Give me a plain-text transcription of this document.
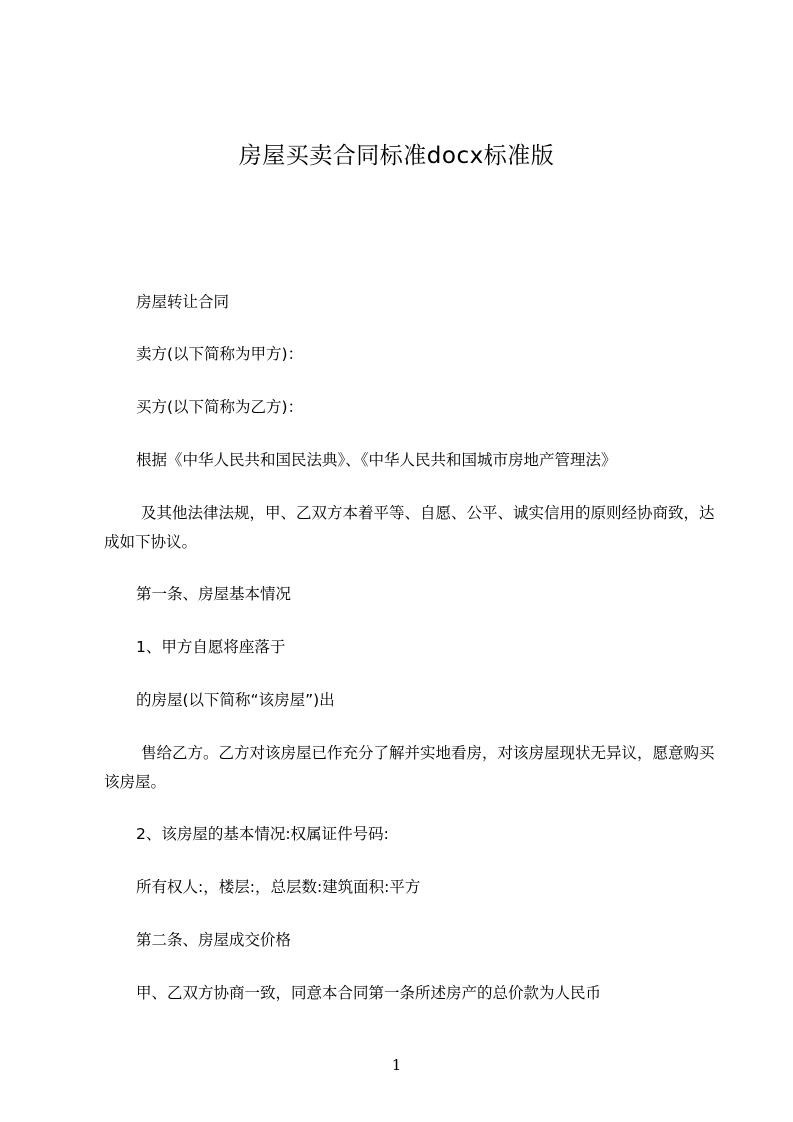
房屋买卖合同标准docx标准版
房屋转让合同
卖方(以下简称为甲方)：
买方(以下简称为乙方)：
根据《中华人民共和国民法典》、《中华人民共和国城市房地产管理法》
及其他法律法规，甲、乙双方本着平等、自愿、公平、诚实信用的原则经协商致，达成如下协议。
第一条、房屋基本情况
1、甲方自愿将座落于
的房屋(以下简称“该房屋”)出
售给乙方。乙方对该房屋已作充分了解并实地看房，对该房屋现状无异议，愿意购买该房屋。
2、该房屋的基本情况:权属证件号码:
所有权人:，楼层:，总层数:建筑面积:平方
第二条、房屋成交价格
甲、乙双方协商一致，同意本合同第一条所述房产的总价款为人民币
1
